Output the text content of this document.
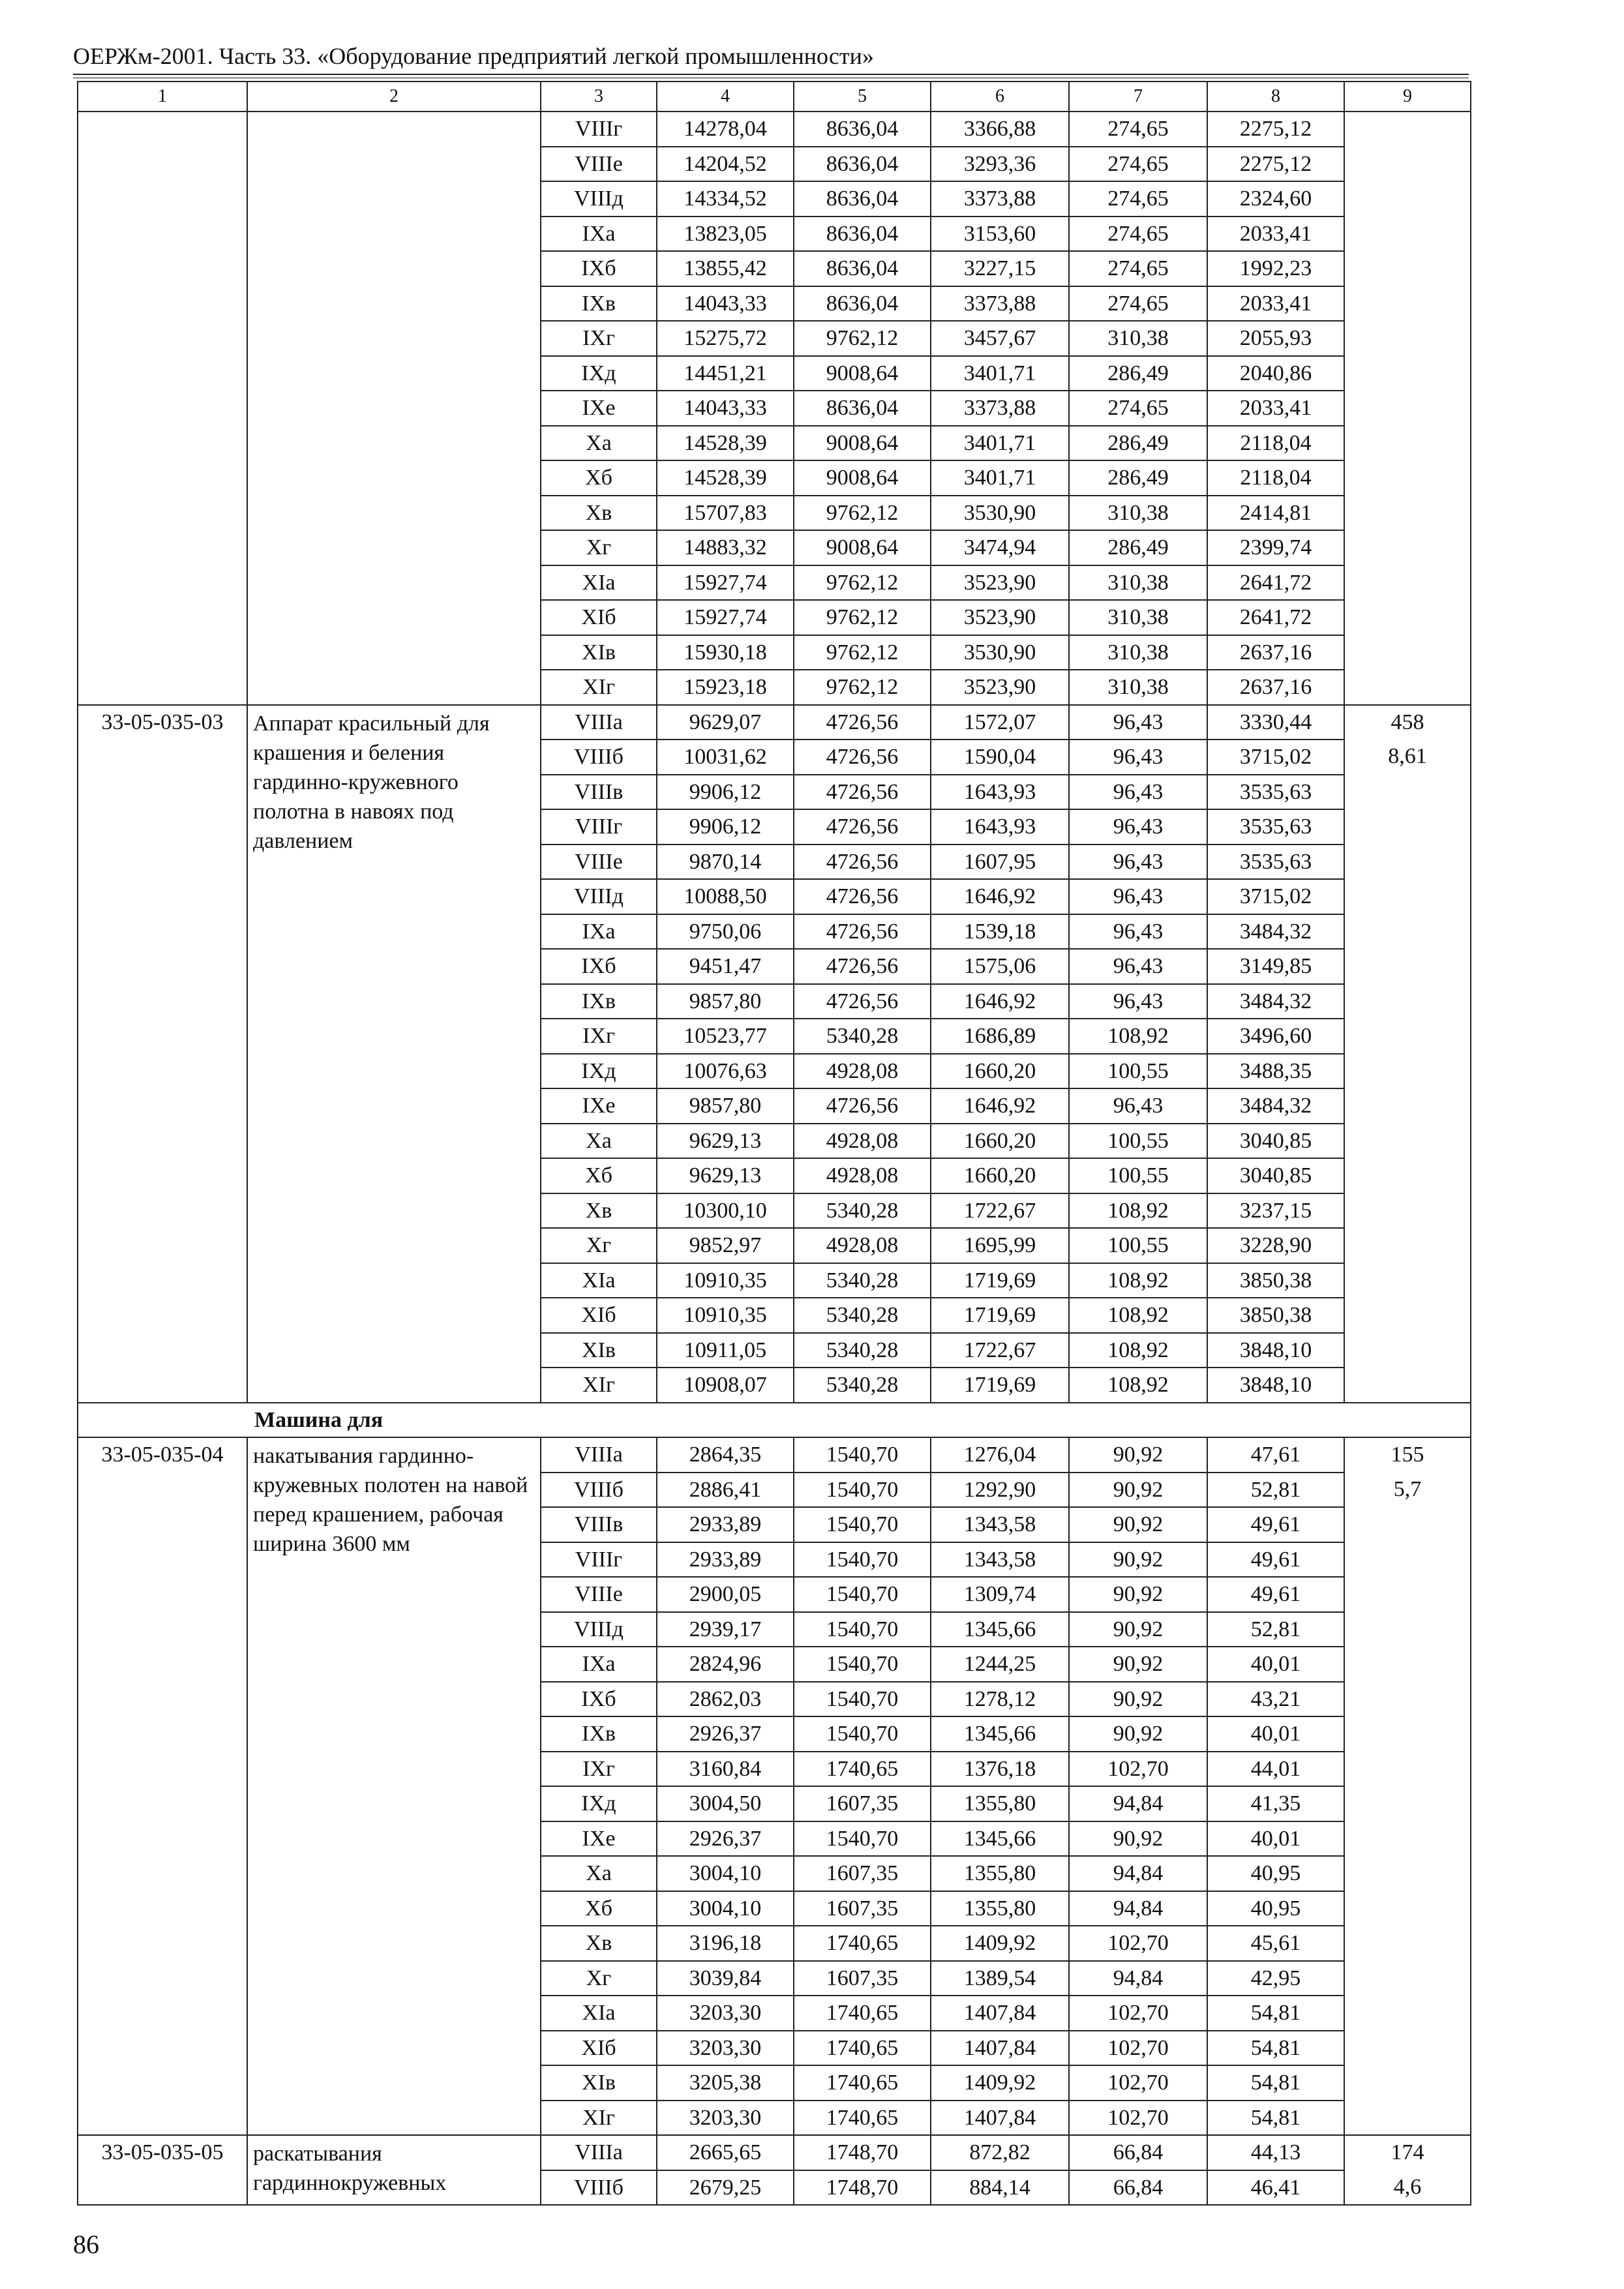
ОЕРЖм-2001. Часть 33. «Оборудование предприятий легкой промышленности»
1	2	3	4	5	6	7	8	9
		VIIIг	14278,04	8636,04	3366,88	274,65	2275,12	
		VIIIе	14204,52	8636,04	3293,36	274,65	2275,12	
		VIIIд	14334,52	8636,04	3373,88	274,65	2324,60	
		IXа	13823,05	8636,04	3153,60	274,65	2033,41	
		IXб	13855,42	8636,04	3227,15	274,65	1992,23	
		IXв	14043,33	8636,04	3373,88	274,65	2033,41	
		IXг	15275,72	9762,12	3457,67	310,38	2055,93	
		IXд	14451,21	9008,64	3401,71	286,49	2040,86	
		IXе	14043,33	8636,04	3373,88	274,65	2033,41	
		Xа	14528,39	9008,64	3401,71	286,49	2118,04	
		Xб	14528,39	9008,64	3401,71	286,49	2118,04	
		Xв	15707,83	9762,12	3530,90	310,38	2414,81	
		Xг	14883,32	9008,64	3474,94	286,49	2399,74	
		XIа	15927,74	9762,12	3523,90	310,38	2641,72	
		XIб	15927,74	9762,12	3523,90	310,38	2641,72	
		XIв	15930,18	9762,12	3530,90	310,38	2637,16	
		XIг	15923,18	9762,12	3523,90	310,38	2637,16	
33-05-035-03	Аппарат красильный для крашения и беления гардинно-кружевного полотна в навоях под давлением	VIIIа	9629,07	4726,56	1572,07	96,43	3330,44	458
		VIIIб	10031,62	4726,56	1590,04	96,43	3715,02	8,61
		VIIIв	9906,12	4726,56	1643,93	96,43	3535,63	
		VIIIг	9906,12	4726,56	1643,93	96,43	3535,63	
		VIIIе	9870,14	4726,56	1607,95	96,43	3535,63	
		VIIIд	10088,50	4726,56	1646,92	96,43	3715,02	
		IXа	9750,06	4726,56	1539,18	96,43	3484,32	
		IXб	9451,47	4726,56	1575,06	96,43	3149,85	
		IXв	9857,80	4726,56	1646,92	96,43	3484,32	
		IXг	10523,77	5340,28	1686,89	108,92	3496,60	
		IXд	10076,63	4928,08	1660,20	100,55	3488,35	
		IXе	9857,80	4726,56	1646,92	96,43	3484,32	
		Xа	9629,13	4928,08	1660,20	100,55	3040,85	
		Xб	9629,13	4928,08	1660,20	100,55	3040,85	
		Xв	10300,10	5340,28	1722,67	108,92	3237,15	
		Xг	9852,97	4928,08	1695,99	100,55	3228,90	
		XIа	10910,35	5340,28	1719,69	108,92	3850,38	
		XIб	10910,35	5340,28	1719,69	108,92	3850,38	
		XIв	10911,05	5340,28	1722,67	108,92	3848,10	
		XIг	10908,07	5340,28	1719,69	108,92	3848,10	
Машина для								
33-05-035-04	накатывания гардинно-кружевных полотен на навой перед крашением, рабочая ширина 3600 мм	VIIIа	2864,35	1540,70	1276,04	90,92	47,61	155
		VIIIб	2886,41	1540,70	1292,90	90,92	52,81	5,7
		VIIIв	2933,89	1540,70	1343,58	90,92	49,61	
		VIIIг	2933,89	1540,70	1343,58	90,92	49,61	
		VIIIе	2900,05	1540,70	1309,74	90,92	49,61	
		VIIIд	2939,17	1540,70	1345,66	90,92	52,81	
		IXа	2824,96	1540,70	1244,25	90,92	40,01	
		IXб	2862,03	1540,70	1278,12	90,92	43,21	
		IXв	2926,37	1540,70	1345,66	90,92	40,01	
		IXг	3160,84	1740,65	1376,18	102,70	44,01	
		IXд	3004,50	1607,35	1355,80	94,84	41,35	
		IXе	2926,37	1540,70	1345,66	90,92	40,01	
		Xа	3004,10	1607,35	1355,80	94,84	40,95	
		Xб	3004,10	1607,35	1355,80	94,84	40,95	
		Xв	3196,18	1740,65	1409,92	102,70	45,61	
		Xг	3039,84	1607,35	1389,54	94,84	42,95	
		XIа	3203,30	1740,65	1407,84	102,70	54,81	
		XIб	3203,30	1740,65	1407,84	102,70	54,81	
		XIв	3205,38	1740,65	1409,92	102,70	54,81	
		XIг	3203,30	1740,65	1407,84	102,70	54,81	
33-05-035-05	раскатывания гардиннокружевных	VIIIа	2665,65	1748,70	872,82	66,84	44,13	174
		VIIIб	2679,25	1748,70	884,14	66,84	46,41	4,6
86
